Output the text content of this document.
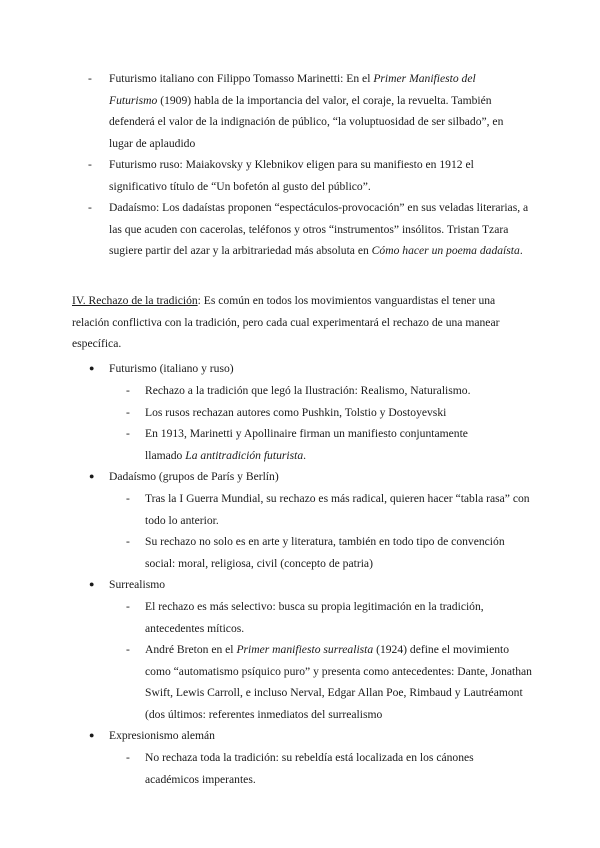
-	Futurismo italiano con Filippo Tomasso Marinetti: En el Primer Manifiesto del Futurismo (1909) habla de la importancia del valor, el coraje, la revuelta. También defenderá el valor de la indignación de público, “la voluptuosidad de ser silbado”, en lugar de aplaudido

-	Futurismo ruso: Maiakovsky y Klebnikov eligen para su manifiesto en 1912 el significativo título de “Un bofetón al gusto del público”.

-	Dadaísmo: Los dadaístas proponen “espectáculos-provocación” en sus veladas literarias, a las que acuden con cacerolas, teléfonos y otros “instrumentos” insólitos. Tristan Tzara sugiere partir del azar y la arbitrariedad más absoluta en Cómo hacer un poema dadaísta.

IV. Rechazo de la tradición: Es común en todos los movimientos vanguardistas el tener una relación conflictiva con la tradición, pero cada cual experimentará el rechazo de una manear específica.

● Futurismo (italiano y ruso)

-	Rechazo a la tradición que legó la Ilustración: Realismo, Naturalismo.

-	Los rusos rechazan autores como Pushkin, Tolstio y Dostoyevski

-	En 1913, Marinetti y Apollinaire firman un manifiesto conjuntamente llamado La antitradición futurista.

● Dadaísmo (grupos de París y Berlín)

-	Tras la I Guerra Mundial, su rechazo es más radical, quieren hacer “tabla rasa” con todo lo anterior.

-	Su rechazo no solo es en arte y literatura, también en todo tipo de convención social: moral, religiosa, civil (concepto de patria)

● Surrealismo

-	El rechazo es más selectivo: busca su propia legitimación en la tradición, antecedentes míticos.

-	André Breton en el Primer manifiesto surrealista (1924) define el movimiento como “automatismo psíquico puro” y presenta como antecedentes: Dante, Jonathan Swift, Lewis Carroll, e incluso Nerval, Edgar Allan Poe, Rimbaud y Lautréamont (dos últimos: referentes inmediatos del surrealismo

● Expresionismo alemán

-	No rechaza toda la tradición: su rebeldía está localizada en los cánones académicos imperantes.
